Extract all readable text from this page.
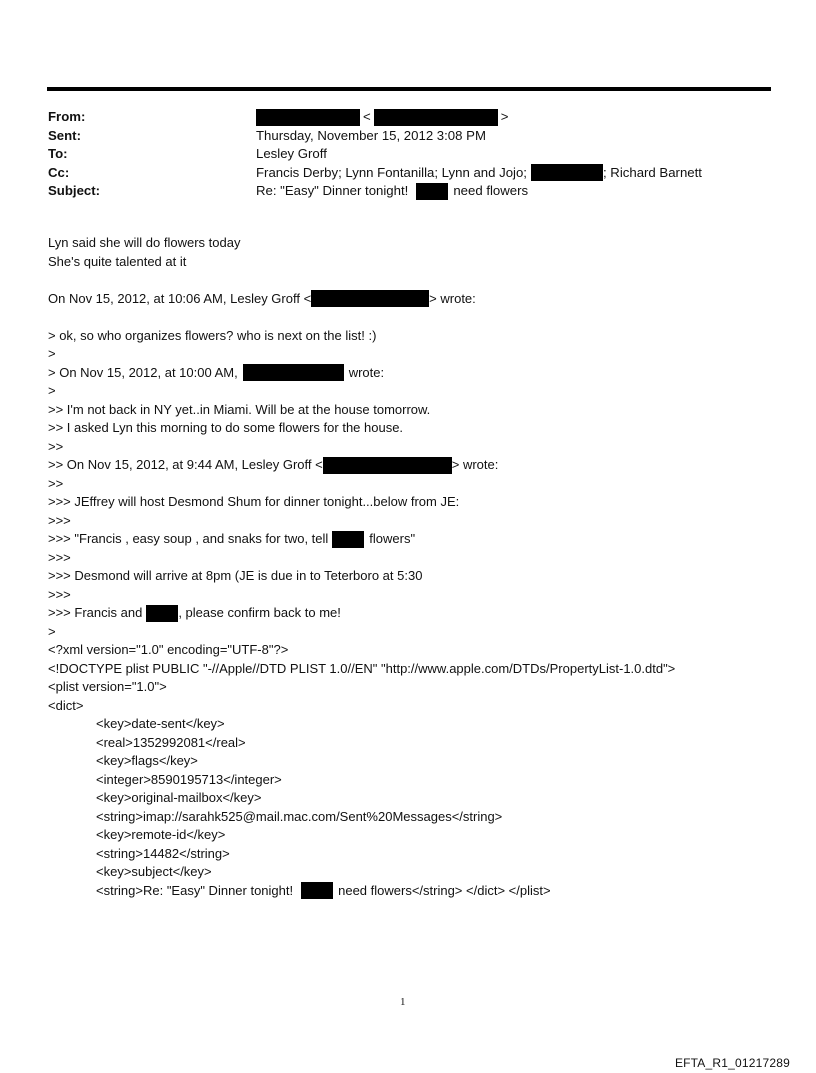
From:	<	>
Sent:	Thursday, November 15, 2012 3:08 PM
To:	Lesley Groff
Cc:	Francis Derby; Lynn Fontanilla; Lynn and Jojo;	; Richard Barnett
Subject:	Re: "Easy" Dinner tonight!	need flowers
Lyn said she will do flowers today
She's quite talented at it
On Nov 15, 2012, at 10:06 AM, Lesley Groff <	> wrote:
> ok, so who organizes flowers? who is next on the list! :)
>
> On Nov 15, 2012, at 10:00 AM,	wrote:
>
>> I'm not back in NY yet..in Miami. Will be at the house tomorrow.
>> I asked Lyn this morning to do some flowers for the house.
>>
>> On Nov 15, 2012, at 9:44 AM, Lesley Groff <	> wrote:
>>
>>> JEffrey will host Desmond Shum for dinner tonight...below from JE:
>>>
>>> "Francis , easy soup , and snaks for two, tell	flowers"
>>>
>>> Desmond will arrive at 8pm (JE is due in to Teterboro at 5:30
>>>
>>> Francis and	, please confirm back to me!
>
<?xml version="1.0" encoding="UTF-8"?>
<!DOCTYPE plist PUBLIC "-//Apple//DTD PLIST 1.0//EN" "http://www.apple.com/DTDs/PropertyList-1.0.dtd">
<plist version="1.0">
<dict>
<key>date-sent</key>
<real>1352992081</real>
<key>flags</key>
<integer>8590195713</integer>
<key>original-mailbox</key>
<string>imap://sarahk525@mail.mac.com/Sent%20Messages</string>
<key>remote-id</key>
<string>14482</string>
<key>subject</key>
<string>Re: "Easy" Dinner tonight!	need flowers</string> </dict> </plist>
1
EFTA_R1_01217289
